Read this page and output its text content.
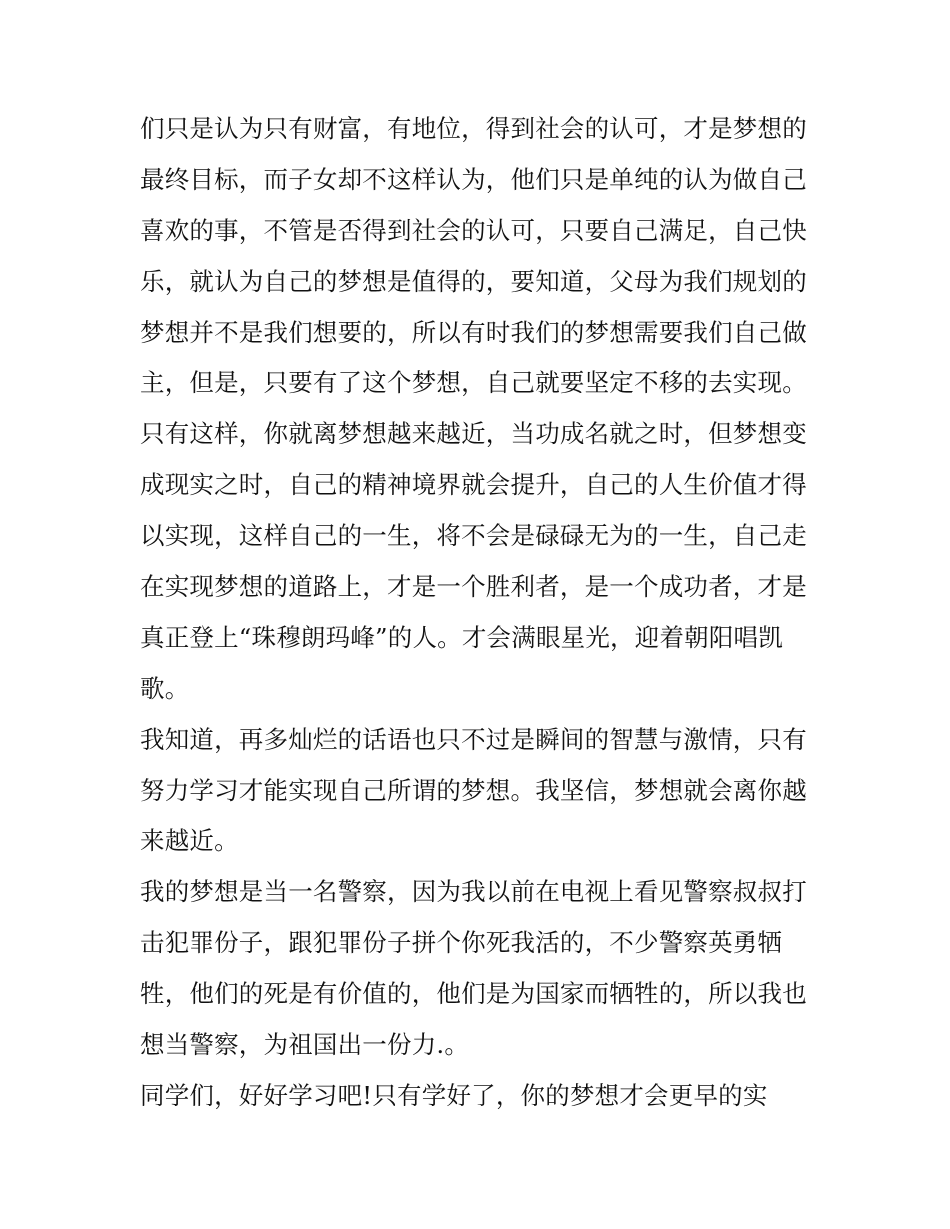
们只是认为只有财富，有地位，得到社会的认可，才是梦想的
最终目标，而子女却不这样认为，他们只是单纯的认为做自己
喜欢的事，不管是否得到社会的认可，只要自己满足，自己快
乐，就认为自己的梦想是值得的，要知道，父母为我们规划的
梦想并不是我们想要的，所以有时我们的梦想需要我们自己做
主，但是，只要有了这个梦想，自己就要坚定不移的去实现。
只有这样，你就离梦想越来越近，当功成名就之时，但梦想变
成现实之时，自己的精神境界就会提升，自己的人生价值才得
以实现，这样自己的一生，将不会是碌碌无为的一生，自己走
在实现梦想的道路上，才是一个胜利者，是一个成功者，才是
真正登上“珠穆朗玛峰”的人。才会满眼星光，迎着朝阳唱凯
歌。
我知道，再多灿烂的话语也只不过是瞬间的智慧与激情，只有
努力学习才能实现自己所谓的梦想。我坚信，梦想就会离你越
来越近。
我的梦想是当一名警察，因为我以前在电视上看见警察叔叔打
击犯罪份子，跟犯罪份子拼个你死我活的，不少警察英勇牺
牲，他们的死是有价值的，他们是为国家而牺牲的，所以我也
想当警察，为祖国出一份力.。
同学们，好好学习吧!只有学好了，你的梦想才会更早的实
